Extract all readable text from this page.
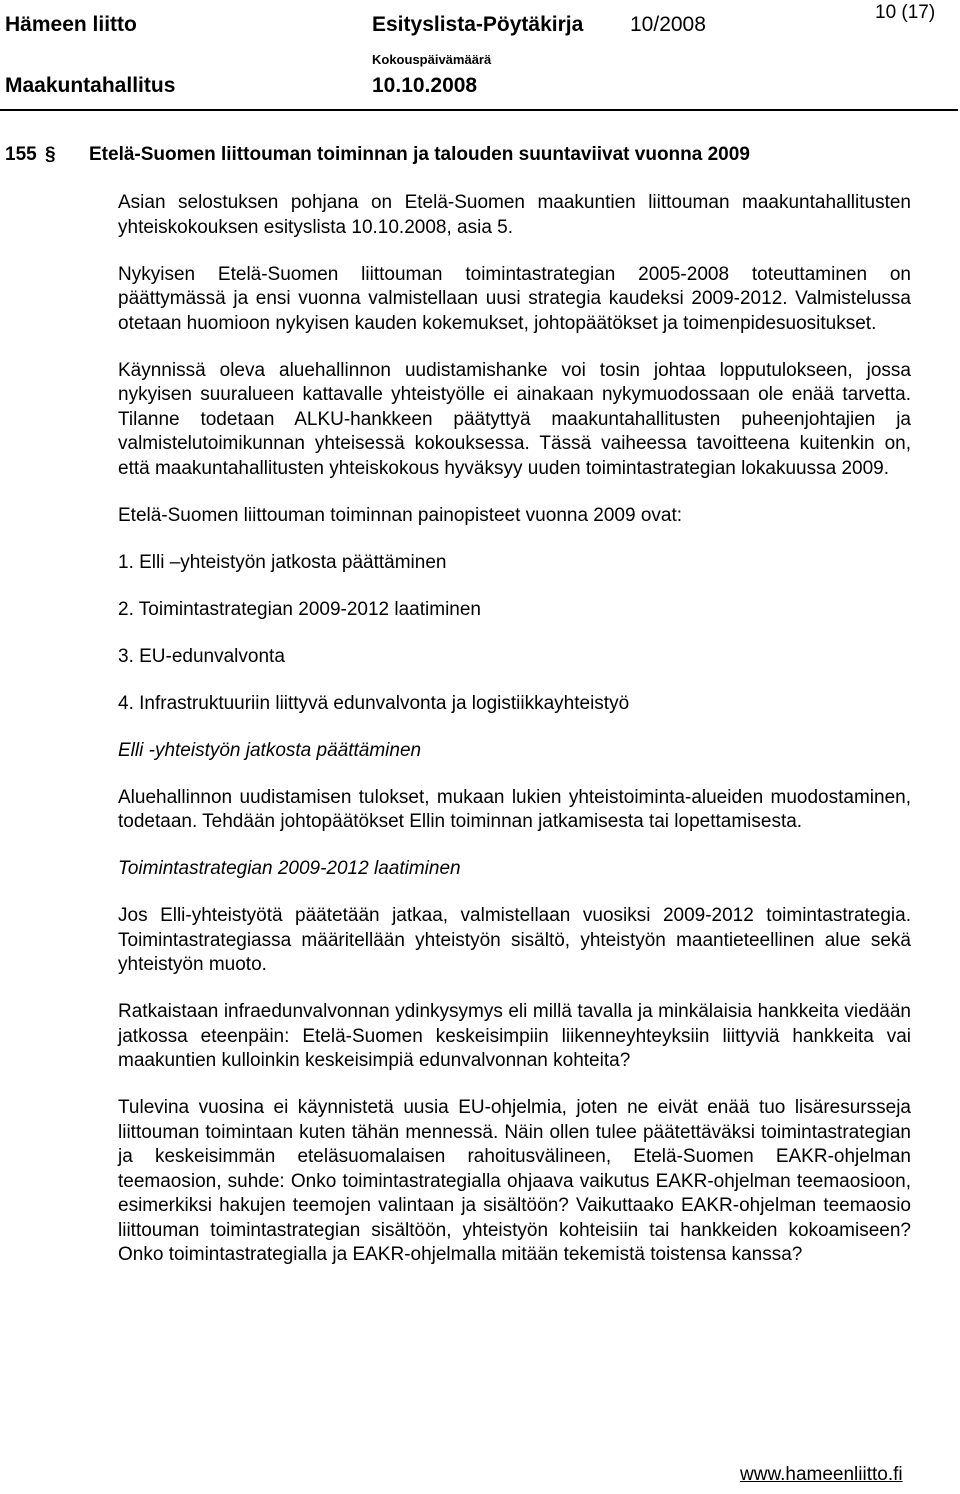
Hämeen liitto	Esityslista-Pöytäkirja 10/2008
10 (17)
Kokouspäivämäärä
Maakuntahallitus	10.10.2008
155 § Etelä-Suomen liittouman toiminnan ja talouden suuntaviivat vuonna 2009

Asian selostuksen pohjana on Etelä-Suomen maakuntien liittouman maakuntahallitusten yhteiskokouksen esityslista 10.10.2008, asia 5.

Nykyisen Etelä-Suomen liittouman toimintastrategian 2005-2008 toteuttaminen on päättymässä ja ensi vuonna valmistellaan uusi strategia kaudeksi 2009-2012. Valmistelussa otetaan huomioon nykyisen kauden kokemukset, johtopäätökset ja toimenpidesuositukset.

Käynnissä oleva aluehallinnon uudistamishanke voi tosin johtaa lopputulokseen, jossa nykyisen suuralueen kattavalle yhteistyölle ei ainakaan nykymuodossaan ole enää tarvetta. Tilanne todetaan ALKU-hankkeen päätyttyä maakuntahallitusten puheenjohtajien ja valmistelutoimikunnan yhteisessä kokouksessa. Tässä vaiheessa tavoitteena kuitenkin on, että maakuntahallitusten yhteiskokous hyväksyy uuden toimintastrategian lokakuussa 2009.

Etelä-Suomen liittouman toiminnan painopisteet vuonna 2009 ovat:

1. Elli –yhteistyön jatkosta päättäminen

2. Toimintastrategian 2009-2012 laatiminen

3. EU-edunvalvonta

4. Infrastruktuuriin liittyvä edunvalvonta ja logistiikkayhteistyö

Elli -yhteistyön jatkosta päättäminen

Aluehallinnon uudistamisen tulokset, mukaan lukien yhteistoiminta-alueiden muodostaminen, todetaan. Tehdään johtopäätökset Ellin toiminnan jatkamisesta tai lopettamisesta.

Toimintastrategian 2009-2012 laatiminen

Jos Elli-yhteistyötä päätetään jatkaa, valmistellaan vuosiksi 2009-2012 toimintastrategia. Toimintastrategiassa määritellään yhteistyön sisältö, yhteistyön maantieteellinen alue sekä yhteistyön muoto.

Ratkaistaan infraedunvalvonnan ydinkysymys eli millä tavalla ja minkälaisia hankkeita viedään jatkossa eteenpäin: Etelä-Suomen keskeisimpiin liikenneyhteyksiin liittyviä hankkeita vai maakuntien kulloinkin keskeisimpiä edunvalvonnan kohteita?

Tulevina vuosina ei käynnistetä uusia EU-ohjelmia, joten ne eivät enää tuo lisäresursseja liittouman toimintaan kuten tähän mennessä. Näin ollen tulee päätettäväksi toimintastrategian ja keskeisimmän eteläsuomalaisen rahoitusvälineen, Etelä-Suomen EAKR-ohjelman teemaosion, suhde: Onko toimintastrategialla ohjaava vaikutus EAKR-ohjelman teemaosioon, esimerkiksi hakujen teemojen valintaan ja sisältöön? Vaikuttaako EAKR-ohjelman teemaosio liittouman toimintastrategian sisältöön, yhteistyön kohteisiin tai hankkeiden kokoamiseen? Onko toimintastrategialla ja EAKR-ohjelmalla mitään tekemistä toistensa kanssa?

www.hameenliitto.fi
